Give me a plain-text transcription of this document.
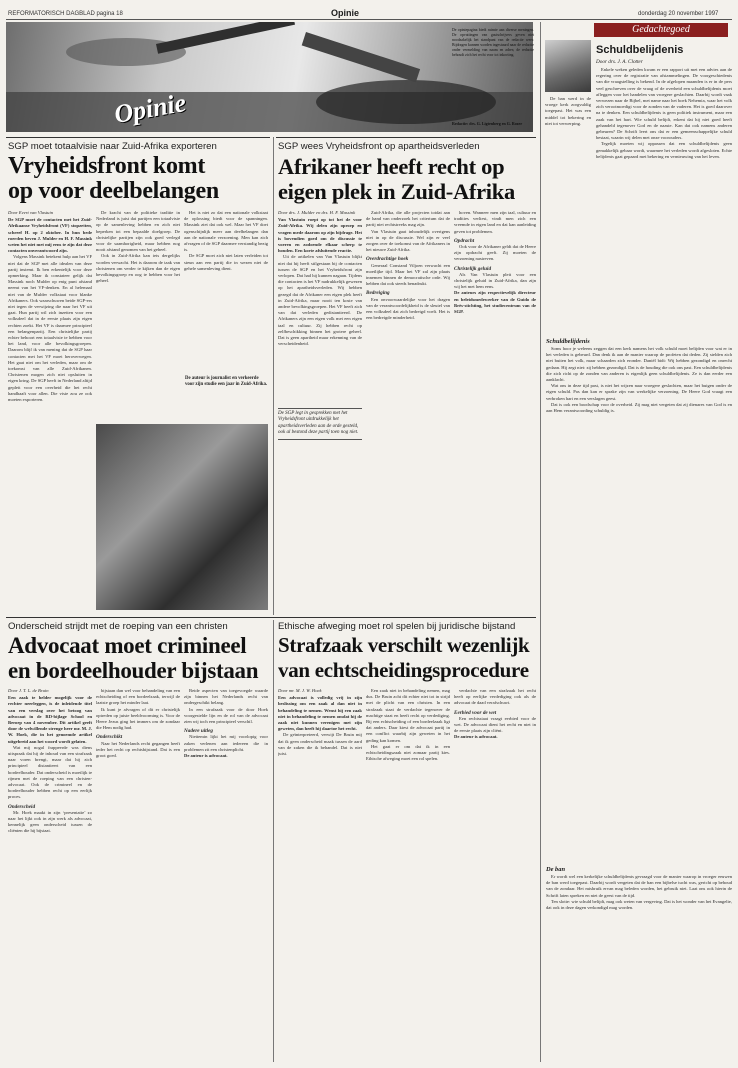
REFORMATORISCH DAGBLAD pagina 18	Opinie	donderdag 20 november 1997
Opinie
De opiniepagina biedt ruimte aan diverse meningen. De opvattingen van gastschrijvers geven niet noodzakelijk het standpunt van de redactie weer. Bijdragen kunnen worden ingestuurd naar de redactie onder vermelding van naam en adres; de redactie behoudt zich het recht voor tot inkorting.
Redactie: drs. G. Ligtenberg en G. Rozer
Gedachtegoed
Schuldbelijdenis
Door drs. J. A. Clotter

Enkele weken geleden kwam er een rapport uit met een advies aan de regering over de registratie van afstammelingen. De voorgeschiedenis van die vraagstelling is bekend. In de afgelopen maanden is er in de pers veel geschreven over de vraag of de overheid een schuldbelijdenis moet afleggen voor het handelen van vroegere geslachten. Daarbij wordt vaak verwezen naar de Bijbel, met name naar het boek Nehemia, waar het volk zich verootmoedigt voor de zonden van de vaderen. Het is goed daarover na te denken. Een schuldbelijdenis is geen politiek instrument, maar een zaak van het hart. Wie schuld belijdt, erkent dat hij niet goed heeft gehandeld tegenover God en de naaste. Kan dat ook namens anderen gebeuren? De Schrift leert ons dat er een gemeenschappelijke schuld bestaat, waarin wij delen met onze voorouders.

Tegelijk moeten wij oppassen dat een schuldbelijdenis geen gemakkelijk gebaar wordt, waarmee het verleden wordt afgesloten. Echte belijdenis gaat gepaard met bekering en vernieuwing van het leven.

De ban werd in de vroege kerk zorgvuldig toegepast. Het was een middel tot bekering en niet tot verwerping.

Schuldbelijdenis

Soms hoor je weleens zeggen dat een kerk namens het volk schuld moet belijden voor wat er in het verleden is gebeurd. Dan denk ik aan de manier waarop de profeten dat deden. Zij stelden zich niet buiten het volk, maar schaarden zich eronder. Daniël bidt: Wij hebben gezondigd en onrecht gedaan. Hij zegt niet: zij hebben gezondigd. Dat is de houding die ook ons past. Een schuldbelijdenis die zich richt op de zonden van anderen is eigenlijk geen schuldbelijdenis. Ze is dan eerder een aanklacht.

Wat ons in deze tijd past, is niet het wijzen naar vroegere geslachten, maar het buigen onder de eigen schuld. Pas dan kan er sprake zijn van werkelijke verzoening. De Heere God vraagt een verbroken hart en een verslagen geest.

Dat is ook een boodschap voor de overheid. Zij mag niet vergeten dat zij dienares van God is en aan Hem verantwoording schuldig is.

De ban

Er wordt wel een kerkelijke schuldbelijdenis gevraagd voor de manier waarop in vroeger eeuwen de ban werd toegepast. Daarbij wordt vergeten dat de ban een bijbelse tucht was, gericht op behoud van de zondaar. Het misbruik ervan mag beleden worden, het gebruik niet. Laat ons ook hierin de Schrift laten spreken en niet de geest van de tijd.

Ten slotte: wie schuld belijdt, mag ook weten van vergeving. Dat is het wonder van het Evangelie, dat ook in deze dagen verkondigd mag worden.

SGP moet totaalvisie naar Zuid-Afrika exporteren
Vryheidsfront komt
op voor deelbelangen

Door Evert van Vlastuin

De SGP moet de contacten met het Zuid-Afrikaanse Vryheidsfront (VF) stopzetten, schreef H. op 2 oktober. In hun bede roerden beven J. Mulder en H. F. Massink weten het niet met mij eens te zijn dat deze contacten onverantwoord zijn.

Volgens Massink betekent hulp aan het VF niet dat de SGP met alle idealen van deze partij instemt. Ik ben erkentelijk voor deze opmerking. Maar ik constateer gelijk dat Massink noch Mulder op enig punt afstand neemt van het VF-denken. En al helemaal niet van de Mulder volkstaat voor blanke Afrikaners. Ook waarschuwen beide SGP-ers niet tegen de verwijzing die naar het VF uit gaat. Hun partij wil zich inzetten voor een volksdeel dat in de eerste plaats zijn eigen rechten zoekt. Het VF is daarmee principieel een belangenpartij. Een christelijke partij echter behoort een totaalvisie te hebben voor het land, voor alle bevolkingsgroepen. Daarom blijf ik van mening dat de SGP haar contacten met het VF moet heroverwegen. Het gaat niet om het verleden, maar om de toekomst van alle Zuid-Afrikanen. Christenen mogen zich niet opsluiten in eigen kring. De SGP heeft in Nederland altijd gepleit voor een overheid die het recht handhaaft voor allen. Die visie zou ze ook moeten exporteren.

De kracht van de politieke traditie in Nederland is juist dat partijen een totaalvisie op de samenleving hebben en zich niet beperken tot een bepaalde doelgroep. De christelijke partijen zijn ook goed verlegd voor de saamhorigheid, maar hebben nog nooit afstand genomen van het geheel.

Ook in Zuid-Afrika kan iets dergelijks worden verwacht. Het is daarom de taak van christenen om verder te kijken dan de eigen bevolkingsgroep en oog te hebben voor het geheel.

Het is niet zo dat een nationale volkstaat de oplossing biedt voor de spanningen. Massink ziet dat ook wel. Maar het VF doet ogenschijnlijk meer aan deelbelangen dan aan de nationale verzoening. Men kan zich afvragen of de SGP daarmee verstandig bezig is.

De SGP moet zich niet laten verleiden tot steun aan een partij die in wezen niet de gehele samenleving dient.

De auteur is journalist en verkeerde voor zijn studie een jaar in Zuid-Afrika.
SGP wees Vryheidsfront op apartheidsverleden
Afrikaner heeft recht op
eigen plek in Zuid-Afrika

Door drs. J. Mulder en drs. H. F. Massink

Van Vlastuin roept op tot het de voor Zuid-Afrika. Wij delen zijn oproep en vragen mede daarom op zijn bijdrage. Het is bovendien goed om de discussie te voeren en zodoende elkaar scherp te houden. Een korte afsluitende reactie.

Uit de artikelen van Van Vlastuin blijkt niet dat hij heeft stilgestaan bij de contacten tussen de SGP en het Vryheidsfront zijn verlopen. Dat had hij kunnen nagaan. Tijdens die contacten is het VF nadrukkelijk gewezen op het apartheidsverleden. Wij hebben gezegd dat de Afrikaner een eigen plek heeft in Zuid-Afrika, maar nooit ten koste van andere bevolkingsgroepen. Het VF heeft zich van dat verleden gedistantieerd. De Afrikaners zijn een eigen volk met een eigen taal en cultuur. Zij hebben recht op zelfbeschikking binnen het grotere geheel. Dat is geen apartheid maar erkenning van de verscheidenheid.

De SGP legt in gesprekken met het Vryheidsfront uitdrukkelijk het apartheidsverleden aan de orde gesteld, ook al bestond deze partij toen nog niet.

Zuid-Afrika, die alle projecten totdat aan de hand van onderzoek het criterium dat de partij niet rechtstreeks mag zijn.

Van Vlastuin gaat inhoudelijk overigens niet in op de discussie. Wel zijn er veel zorgen over de toekomst van de Afrikaners in het nieuwe Zuid-Afrika.

Overdrachtige hoek

Generaal Constand Viljoen verwacht een moeilijke tijd. Maar het VF zal zijn plaats innemen binnen de democratische orde. Wij hebben dat ook steeds benadrukt.

Bedreiging

Een onvoorwaardelijke voor het dragen van de verantwoordelijkheid is de sleutel van een volksdeel dat zich bedreigd voelt. Het is een bedreigde minderheid.

hoven. Wanneer men zijn taal, cultuur en tradities verliest, vindt men zich een vreemde in eigen land en dat kan aanleiding geven tot problemen.

Opdracht

Ook voor de Afrikaner geldt dat de Heere zijn opdracht geeft. Zij moeten de verzoening nastreven.

Christelijk geluid

Als Van Vlastuin pleit voor een christelijk geluid in Zuid-Afrika, dan zijn wij het met hem eens.

De auteurs zijn respectievelijk directeur en beleidsmedewerker van de Guido de Brès-stichting, het studiecentrum van de SGP.

Onderscheid strijdt met de roeping van een christen
Advocaat moet crimineel
en bordeelhouder bijstaan

Door J. T. L. de Bruin

Een zaak te helder mogelijk voor de rechter neerleggen, is de inleidende titel van een verslag over het betoog van advocaat in de RD-bijlage School en Beroep van 4 november. Dit artikel geeft door de welwillende strenge heer mr. M. J. W. Hoek, die in het genoemde artikel uitgebreid aan het woord wordt gelaten.

Wat mij nogal frappeerde was diens uitspraak dat hij de inhoud van een strafzaak naar voren brengt, maar dat hij zich principieel distantieert van een bordeelhouder. Dat onderscheid is moeilijk te rijmen met de roeping van een christen-advocaat. Ook de crimineel en de bordeelhouder hebben recht op een eerlijk proces.

Onderscheid

Mr. Hoek maakt in zijn ‘presentatie’ zo naar het lijkt ook in zijn werk als advocaat, kennelijk geen onderscheid tussen de cliënten die hij bijstaat.

bijstaan dan wel voor behandeling van een echtscheiding of een bordeelzaak, terwijl de laatste groep het minder laat.

Ik kunt je afvragen of dit er christelijk optreden op juiste beeldvoorming is. Voor de Heere Jezus ging het immers om de zondaar die Hem nodig had.

Onderschikt

Naar het Nederlands recht gegangen heeft ieder het recht op rechtsbijstand. Dat is een groot goed.

Beide aspecten van toegevoegde waarde zijn binnen het Nederlands recht van ondergeschikt belang.

In een strafzaak voor de door Hoek voorgestelde lijn en de rol van de advocaat zien wij toch een principieel verschil.

Nadere uitleg

Niettemin lijkt het mij voorlopig voor zaken verlenen aan iedereen die in problemen zit een christenplicht.

De auteur is advocaat.

Ethische afweging moet rol spelen bij juridische bijstand
Strafzaak verschilt wezenlijk
van echtscheidingsprocedure

Door mr. M. J. W. Hoek

Een advocaat is volledig vrij in zijn beslissing om een zaak al dan niet in behandeling te nemen. Wenst hij een zaak niet in behandeling te nemen omdat hij de zaak niet kunnen verenigen met zijn geweten, dan heeft hij daartoe het recht.

De geïnterpreteerd, verwijt De Bruin mij dat ik geen onderscheid maak tussen de aard van de zaken die ik behandel. Dat is niet juist.

Een zaak niet in behandeling nemen, mag dus. De Bruin acht dit echter niet tot in strijd met de plicht van een christen. In een strafzaak staat de verdachte tegenover de machtige staat en heeft recht op verdediging. Bij een echtscheiding of een bordeelzaak ligt dat anders. Daar kiest de advocaat partij in een conflict waarbij zijn geweten in het geding kan komen.

Het gaat er om dat ik in een echtscheidingszaak niet zomaar partij kies. Ethische afweging moet een rol spelen.

verdachte van een strafzaak het recht heeft op eerlijke verdediging ook als de advocaat de daad verafschuwt.

Eerbied voor de wet

Een rechtsstaat vraagt eerbied voor de wet. De advocaat dient het recht en niet in de eerste plaats zijn cliënt.

De auteur is advocaat.
